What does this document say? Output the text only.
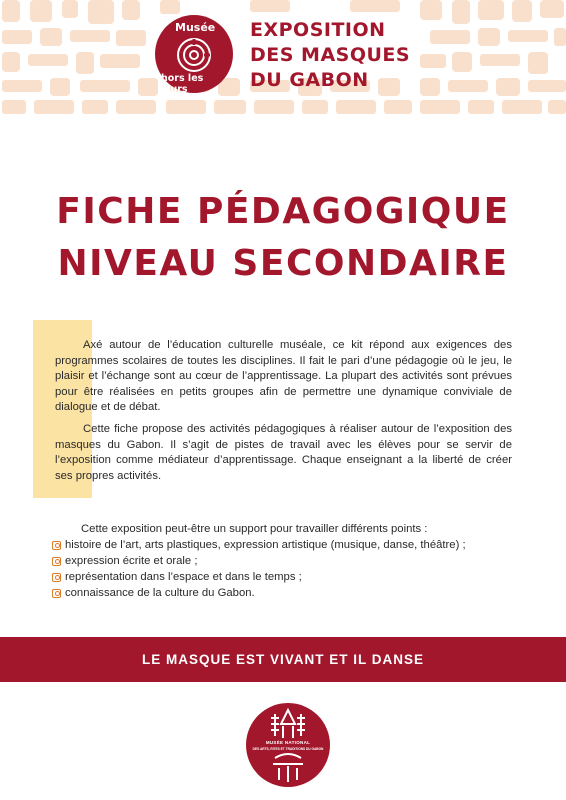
Musée
hors les Murs
EXPOSITION
DES MASQUES
DU GABON
FICHE PÉDAGOGIQUE
NIVEAU SECONDAIRE

Axé autour de l’éducation culturelle muséale, ce kit répond aux exigences des programmes scolaires de toutes les disciplines. Il fait le pari d’une pédagogie où le jeu, le plaisir et l’échange sont au cœur de l’apprentissage. La plupart des activités sont prévues pour être réalisées en petits groupes afin de permettre une dynamique conviviale de dialogue et de débat.

Cette fiche propose des activités pédagogiques à réaliser autour de l’exposition des masques du Gabon. Il s’agit de pistes de travail avec les élèves pour se servir de l’exposition comme médiateur d’apprentissage. Chaque enseignant a la liberté de créer ses propres activités.

Cette exposition peut-être un support pour travailler différents points :
histoire de l’art, arts plastiques, expression artistique (musique, danse, théâtre) ;
expression écrite et orale ;
représentation dans l’espace et dans le temps ;
connaissance de la culture du Gabon.
LE MASQUE EST VIVANT ET IL DANSE
MUSÉE NATIONAL
DES ARTS, RITES ET TRADITIONS DU GABON
